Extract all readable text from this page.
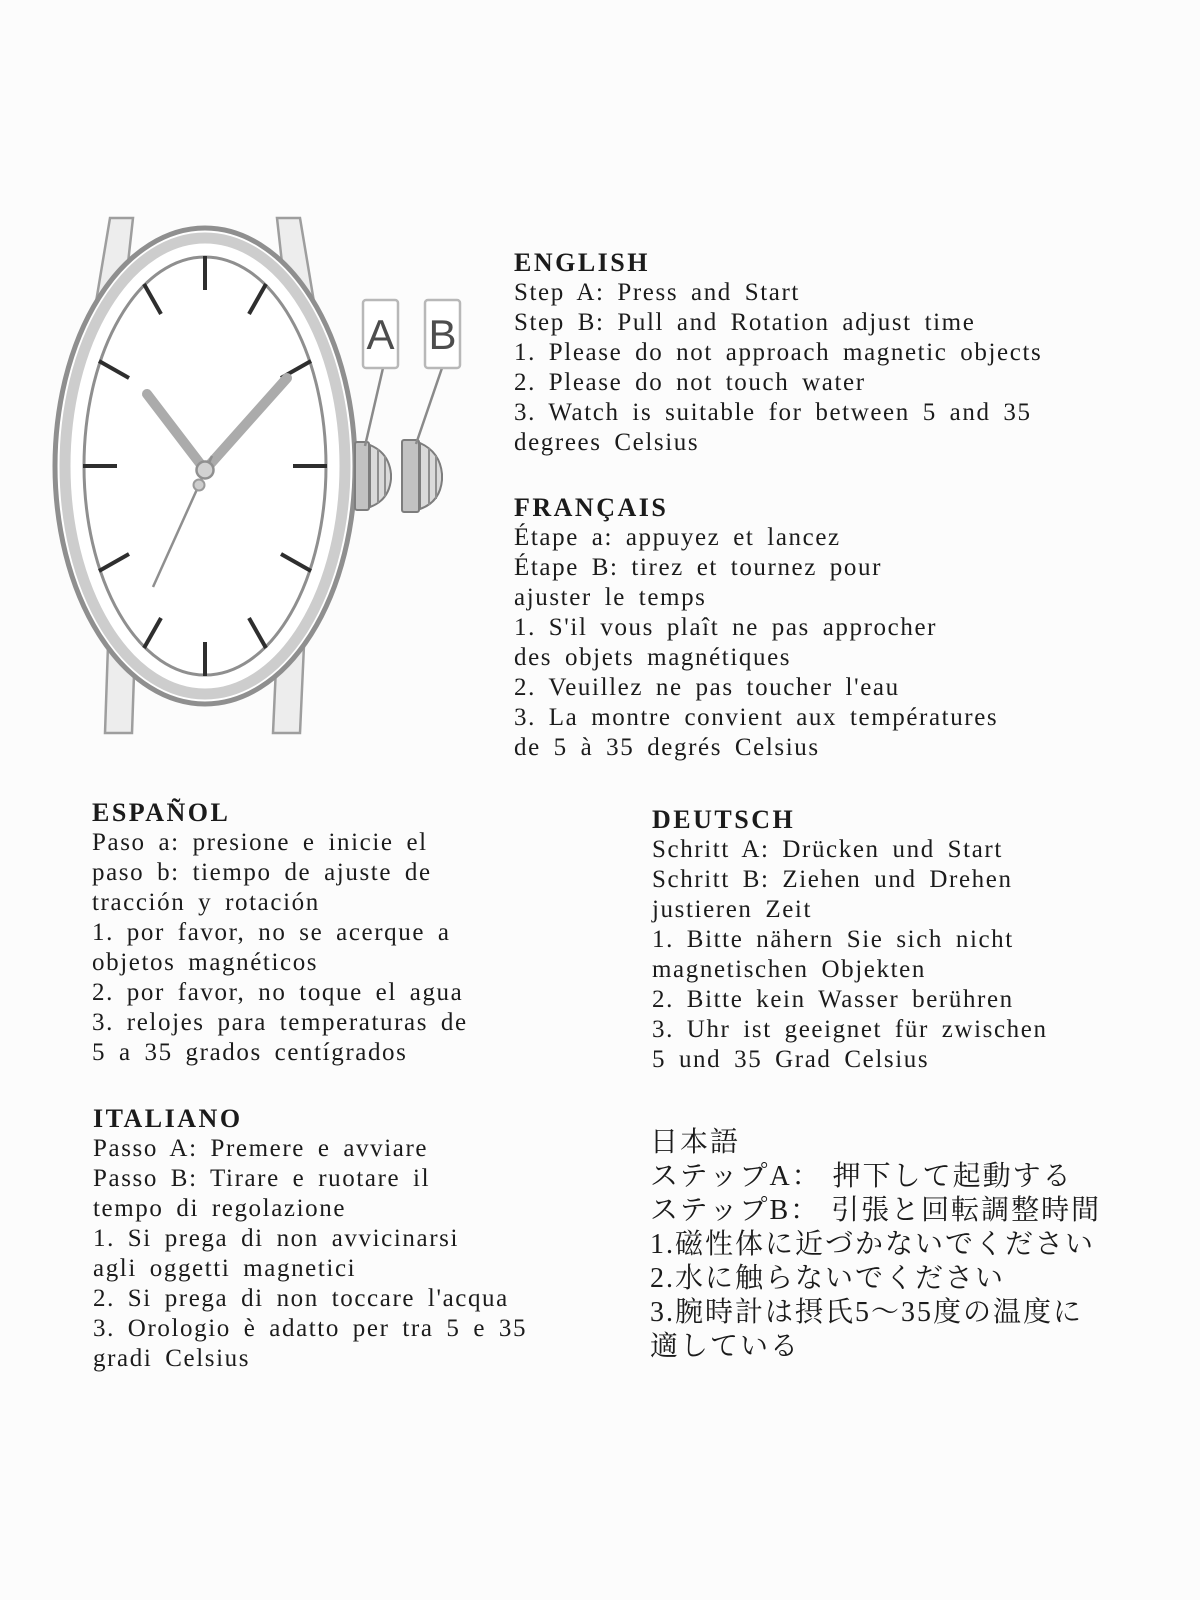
A B
ENGLISH
Step A: Press and Start
Step B: Pull and Rotation adjust time
1. Please do not approach magnetic objects
2. Please do not touch water
3. Watch is suitable for between 5 and 35
degrees Celsius
FRANÇAIS
Étape a: appuyez et lancez
Étape B: tirez et tournez pour
ajuster le temps
1. S'il vous plaît ne pas approcher
des objets magnétiques
2. Veuillez ne pas toucher l'eau
3. La montre convient aux températures
de 5 à 35 degrés Celsius
ESPAÑOL
Paso a: presione e inicie el
paso b: tiempo de ajuste de
tracción y rotación
1. por favor, no se acerque a
objetos magnéticos
2. por favor, no toque el agua
3. relojes para temperaturas de
5 a 35 grados centígrados
DEUTSCH
Schritt A: Drücken und Start
Schritt B: Ziehen und Drehen
justieren Zeit
1. Bitte nähern Sie sich nicht
magnetischen Objekten
2. Bitte kein Wasser berühren
3. Uhr ist geeignet für zwischen
5 und 35 Grad Celsius
ITALIANO
Passo A: Premere e avviare
Passo B: Tirare e ruotare il
tempo di regolazione
1. Si prega di non avvicinarsi
agli oggetti magnetici
2. Si prega di non toccare l'acqua
3. Orologio è adatto per tra 5 e 35
gradi Celsius
日本語
ステップA： 押下して起動する
ステップB： 引張と回転調整時間
1.磁性体に近づかないでください
2.水に触らないでください
3.腕時計は摂氏5～35度の温度に
適している
